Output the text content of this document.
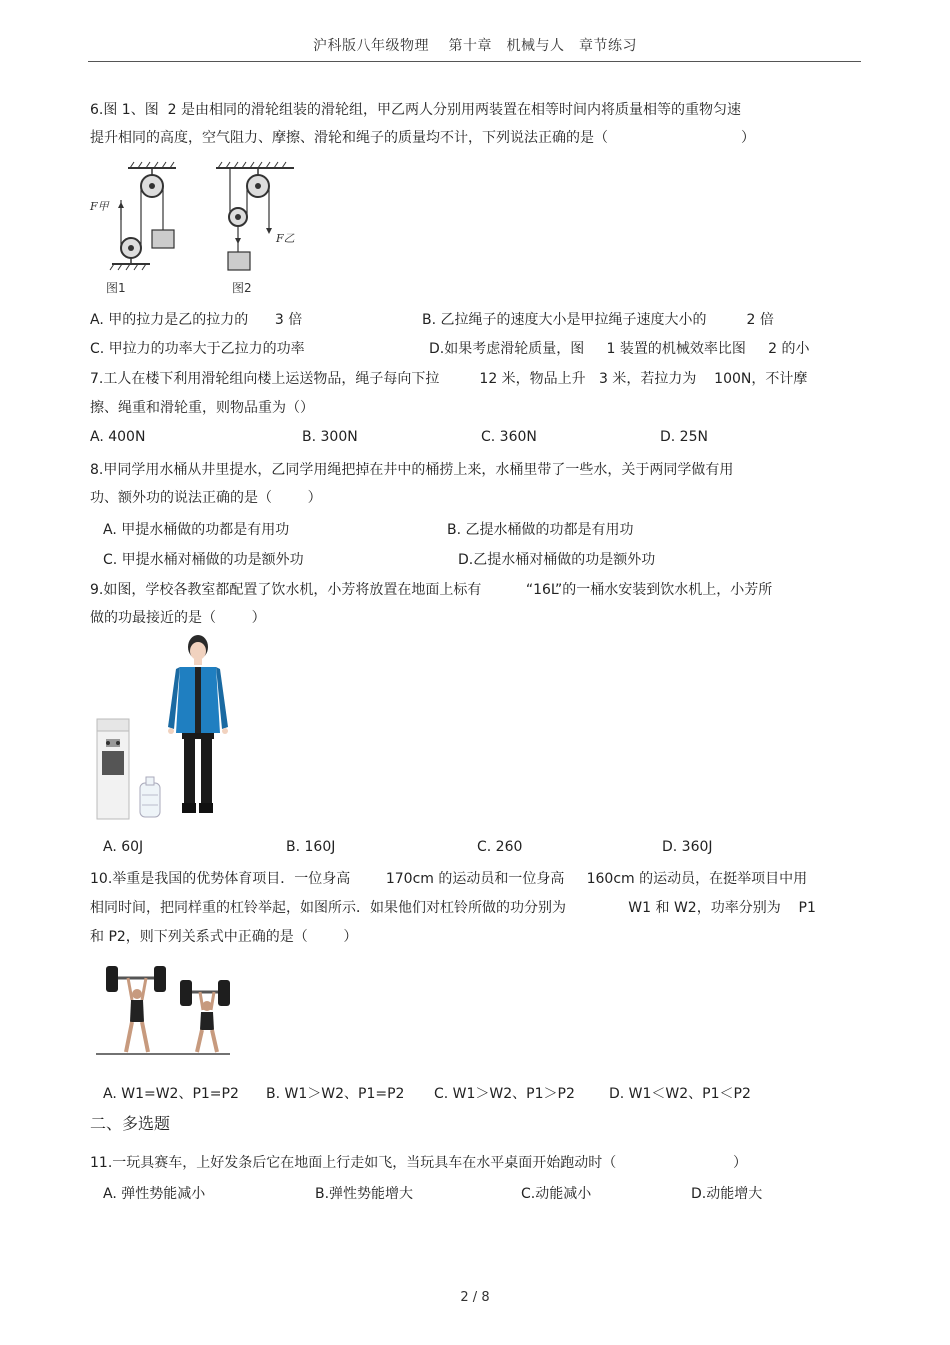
沪科版八年级物理　 第十章　机械与人　章节练习
6.图 1、图  2 是由相同的滑轮组装的滑轮组，甲乙两人分别用两装置在相等时间内将质量相等的重物匀速
提升相同的高度，空气阻力、摩擦、滑轮和绳子的质量均不计，下列说法正确的是（	）
F甲
图1
F乙
图2
A. 甲的拉力是乙的拉力的      3 倍	B. 乙拉绳子的速度大小是甲拉绳子速度大小的         2 倍
C. 甲拉力的功率大于乙拉力的功率	D.如果考虑滑轮质量，图     1 装置的机械效率比图     2 的小
7.工人在楼下利用滑轮组向楼上运送物品，绳子每向下拉         12 米，物品上升   3 米，若拉力为    100N，不计摩
擦、绳重和滑轮重，则物品重为（）
A. 400N	B. 300N	C. 360N	D. 25N
8.甲同学用水桶从井里提水，乙同学用绳把掉在井中的桶捞上来，水桶里带了一些水，关于两同学做有用
功、额外功的说法正确的是（        ）
A. 甲提水桶做的功都是有用功	B. 乙提水桶做的功都是有用功
C. 甲提水桶对桶做的功是额外功	D.乙提水桶对桶做的功是额外功
9.如图，学校各教室都配置了饮水机，小芳将放置在地面上标有          “16L”的一桶水安装到饮水机上，小芳所
做的功最接近的是（        ）
A. 60J	B. 160J	C. 260	D. 360J
10.举重是我国的优势体育项目．一位身高        170cm 的运动员和一位身高     160cm 的运动员，在挺举项目中用
相同时间，把同样重的杠铃举起，如图所示．如果他们对杠铃所做的功分别为              W1 和 W2，功率分别为    P1
和 P2，则下列关系式中正确的是（        ）
A. W1=W2、P1=P2 B. W1＞W2、P1=P2 C. W1＞W2、P1＞P2 D. W1＜W2、P1＜P2
二、多选题
11.一玩具赛车，上好发条后它在地面上行走如飞，当玩具车在水平桌面开始跑动时（	）
A. 弹性势能减小	B.弹性势能增大	C.动能减小	D.动能增大
2 / 8
